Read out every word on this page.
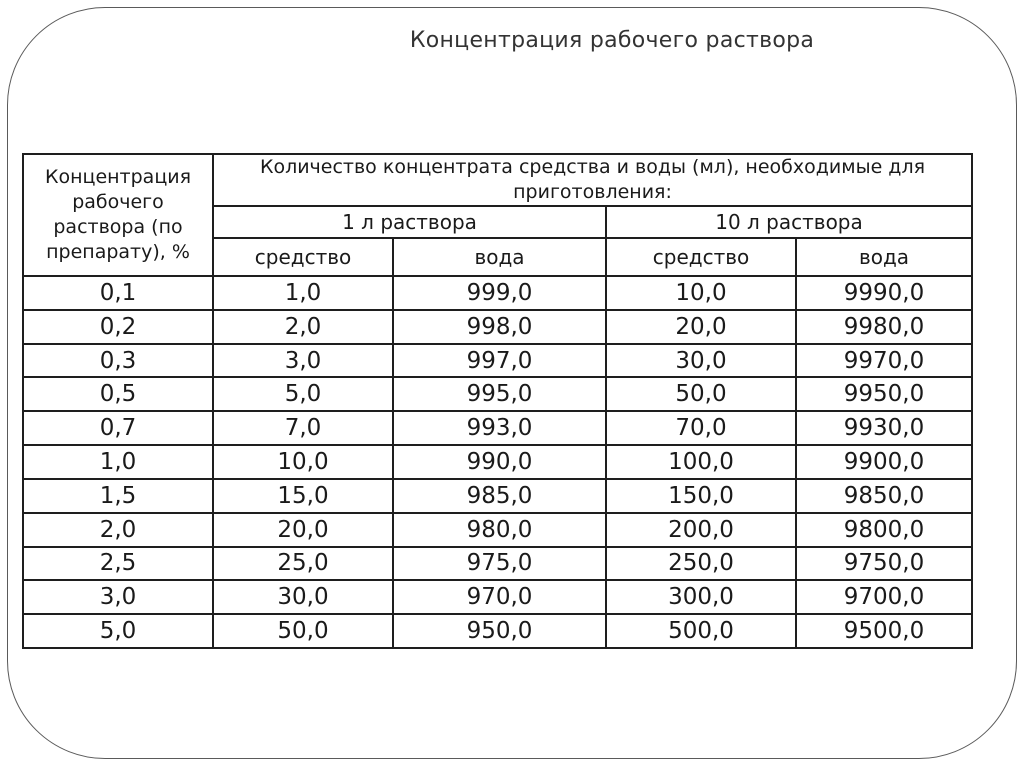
Концентрация рабочего раствора
Концентрация рабочего раствора (по препарату), %	Количество концентрата средства и воды (мл), необходимые для приготовления:			
	1 л раствора		10 л раствора	
	средство	вода	средство	вода
0,1	1,0	999,0	10,0	9990,0
0,2	2,0	998,0	20,0	9980,0
0,3	3,0	997,0	30,0	9970,0
0,5	5,0	995,0	50,0	9950,0
0,7	7,0	993,0	70,0	9930,0
1,0	10,0	990,0	100,0	9900,0
1,5	15,0	985,0	150,0	9850,0
2,0	20,0	980,0	200,0	9800,0
2,5	25,0	975,0	250,0	9750,0
3,0	30,0	970,0	300,0	9700,0
5,0	50,0	950,0	500,0	9500,0
